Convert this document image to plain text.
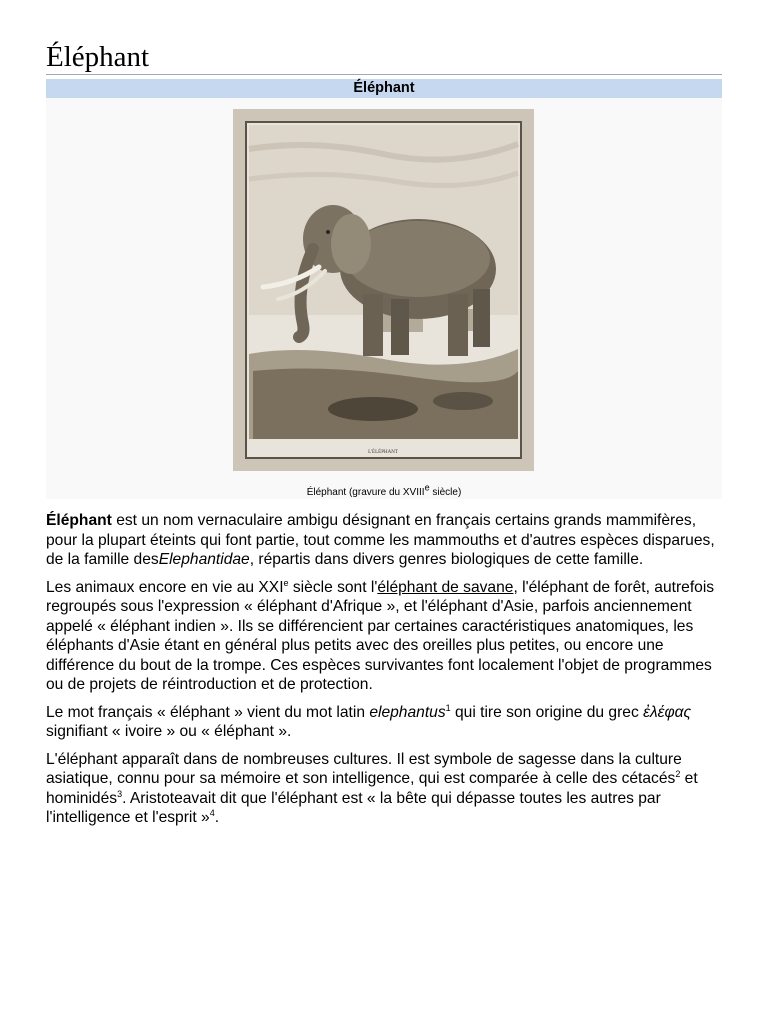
Éléphant
Éléphant
L'ÉLÉPHANT
Éléphant (gravure du XVIIIe siècle)

Éléphant est un nom vernaculaire ambigu désignant en français certains grands mammifères, pour la plupart éteints qui font partie, tout comme les mammouths et d'autres espèces disparues, de la famille desElephantidae, répartis dans divers genres biologiques de cette famille.

Les animaux encore en vie au XXIe siècle sont l'éléphant de savane, l'éléphant de forêt, autrefois regroupés sous l'expression « éléphant d'Afrique », et l'éléphant d'Asie, parfois anciennement appelé « éléphant indien ». Ils se différencient par certaines caractéristiques anatomiques, les éléphants d'Asie étant en général plus petits avec des oreilles plus petites, ou encore une différence du bout de la trompe. Ces espèces survivantes font localement l'objet de programmes ou de projets de réintroduction et de protection.

Le mot français « éléphant » vient du mot latin elephantus$^1$ qui tire son origine du grec ἐλέφας signifiant « ivoire » ou « éléphant ».

L'éléphant apparaît dans de nombreuses cultures. Il est symbole de sagesse dans la culture asiatique, connu pour sa mémoire et son intelligence, qui est comparée à celle des cétacés$^2$ et hominidés$^3$. Aristoteavait dit que l'éléphant est « la bête qui dépasse toutes les autres par l'intelligence et l'esprit »$^4$.
